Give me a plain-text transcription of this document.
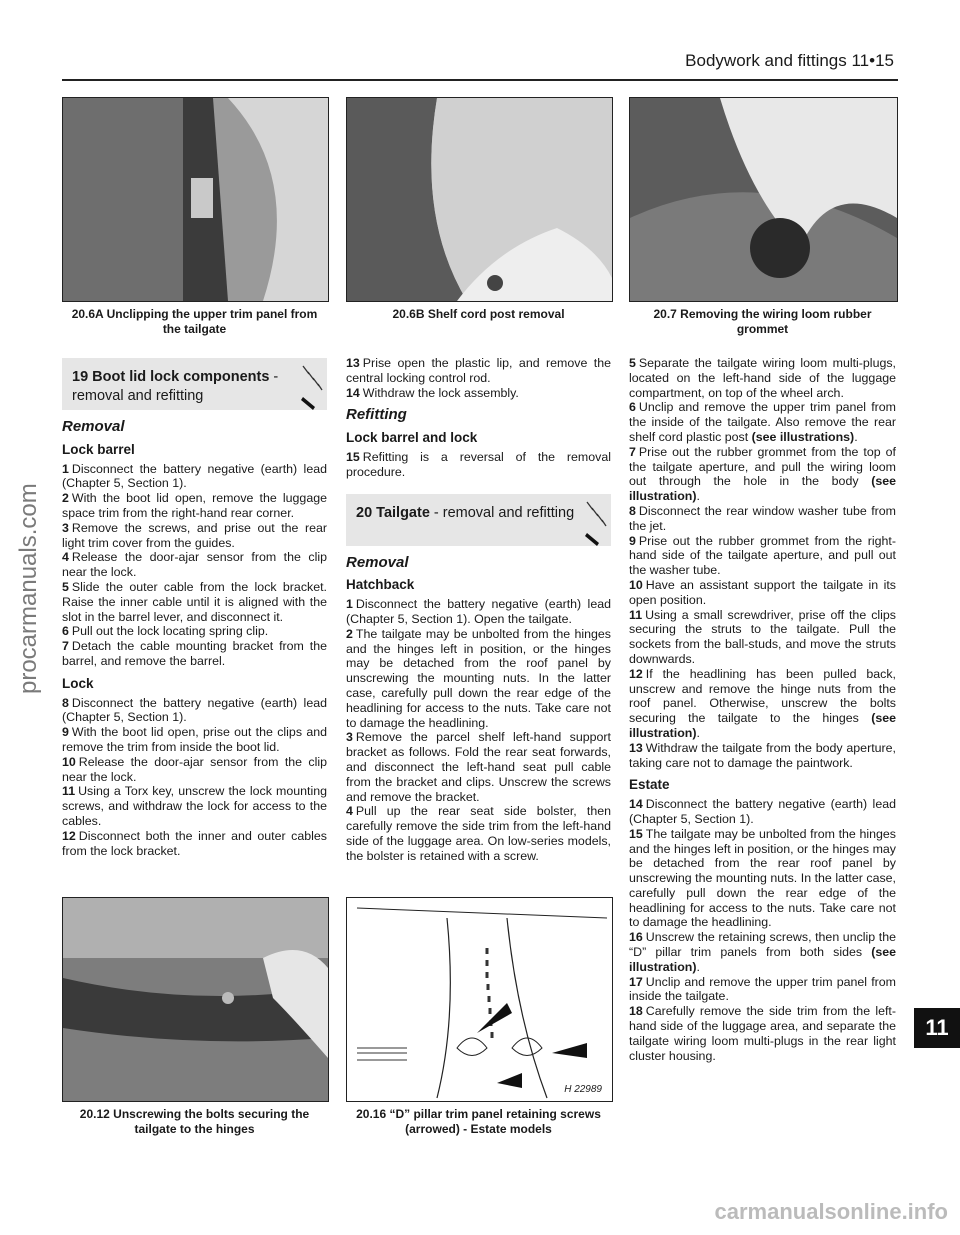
Bodywork and fittings 11•15
procarmanuals.com
11
carmanualsonline.info
20.6A Unclipping the upper trim panel from the tailgate
20.6B Shelf cord post removal	20.7 Removing the wiring loom rubber grommet
19 Boot lid lock components - removal and refitting
Removal
Lock barrel

1 Disconnect the battery negative (earth) lead (Chapter 5, Section 1).

2 With the boot lid open, remove the luggage space trim from the right-hand rear corner.

3 Remove the screws, and prise out the rear light trim cover from the guides.

4 Release the door-ajar sensor from the clip near the lock.

5 Slide the outer cable from the lock bracket. Raise the inner cable until it is aligned with the slot in the barrel lever, and disconnect it.

6 Pull out the lock locating spring clip.

7 Detach the cable mounting bracket from the barrel, and remove the barrel.

Lock

8 Disconnect the battery negative (earth) lead (Chapter 5, Section 1).

9 With the boot lid open, prise out the clips and remove the trim from inside the boot lid.

10 Release the door-ajar sensor from the clip near the lock.

11 Using a Torx key, unscrew the lock mounting screws, and withdraw the lock for access to the cables.

12 Disconnect both the inner and outer cables from the lock bracket.

13 Prise open the plastic lip, and remove the central locking control rod.

14 Withdraw the lock assembly.

Refitting
Lock barrel and lock

15 Refitting is a reversal of the removal procedure.

20 Tailgate - removal and refitting
Removal
Hatchback

1 Disconnect the battery negative (earth) lead (Chapter 5, Section 1). Open the tailgate.

2 The tailgate may be unbolted from the hinges and the hinges left in position, or the hinges may be detached from the roof panel by unscrewing the mounting nuts. In the latter case, carefully pull down the rear edge of the headlining for access to the nuts. Take care not to damage the headlining.

3 Remove the parcel shelf left-hand support bracket as follows. Fold the rear seat forwards, and disconnect the left-hand seat pull cable from the bracket and clips. Unscrew the screws and remove the bracket.

4 Pull up the rear seat side bolster, then carefully remove the side trim from the left-hand side of the luggage area. On low-series models, the bolster is retained with a screw.

5 Separate the tailgate wiring loom multi-plugs, located on the left-hand side of the luggage compartment, on top of the wheel arch.

6 Unclip and remove the upper trim panel from the inside of the tailgate. Also remove the rear shelf cord plastic post (see illustrations).

7 Prise out the rubber grommet from the top of the tailgate aperture, and pull the wiring loom out through the hole in the body (see illustration).

8 Disconnect the rear window washer tube from the jet.

9 Prise out the rubber grommet from the right-hand side of the tailgate aperture, and pull out the washer tube.

10 Have an assistant support the tailgate in its open position.

11 Using a small screwdriver, prise off the clips securing the struts to the tailgate. Pull the sockets from the ball-studs, and move the struts downwards.

12 If the headlining has been pulled back, unscrew and remove the hinge nuts from the roof panel. Otherwise, unscrew the bolts securing the tailgate to the hinges (see illustration).

13 Withdraw the tailgate from the body aperture, taking care not to damage the paintwork.

Estate

14 Disconnect the battery negative (earth) lead (Chapter 5, Section 1).

15 The tailgate may be unbolted from the hinges and the hinges left in position, or the hinges may be detached from the rear roof panel by unscrewing the mounting nuts. In the latter case, carefully pull down the rear edge of the headlining for access to the nuts. Take care not to damage the headlining.

16 Unscrew the retaining screws, then unclip the “D” pillar trim panels from both sides (see illustration).

17 Unclip and remove the upper trim panel from inside the tailgate.

18 Carefully remove the side trim from the left-hand side of the luggage area, and separate the tailgate wiring loom multi-plugs in the rear light cluster housing.

H 22989
20.12 Unscrewing the bolts securing the tailgate to the hinges
20.16 “D” pillar trim panel retaining screws (arrowed) - Estate models
